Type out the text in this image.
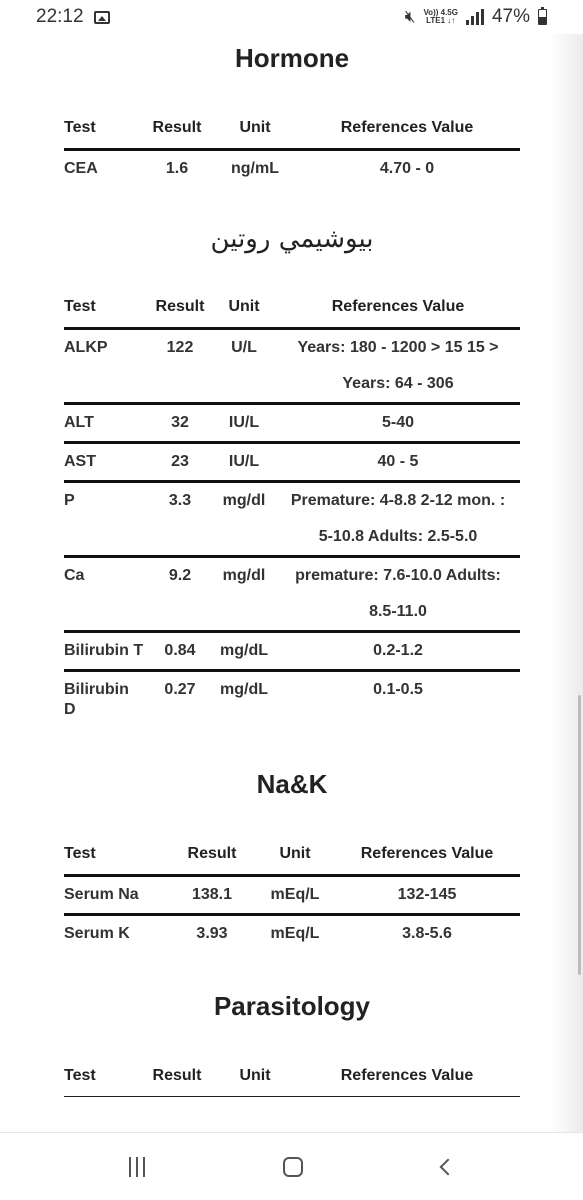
22:12	🔇︎ Vo)) 4.5G
LTE1 ↓↑ 47%
Hormone
Test	Result	Unit	References Value
CEA	1.6	ng/mL	4.70 - 0
بيوشيمي روتين
Test	Result	Unit	References Value
ALKP	122	U/L	Years: 180 - 1200 > 15 15 >
Years: 64 - 306

ALT	32	IU/L	5-40
AST	23	IU/L	40 - 5
P	3.3	mg/dl	Premature: 4-8.8 2-12 mon. :
5-10.8 Adults: 2.5-5.0

Ca	9.2	mg/dl	premature: 7.6-10.0 Adults:
8.5-11.0

Bilirubin T	0.84	mg/dL	0.2-1.2
Bilirubin D	0.27	mg/dL	0.1-0.5
Na&K
Test	Result	Unit	References Value
Serum Na	138.1	mEq/L	132-145
Serum K	3.93	mEq/L	3.8-5.6
Parasitology
Test	Result	Unit	References Value
